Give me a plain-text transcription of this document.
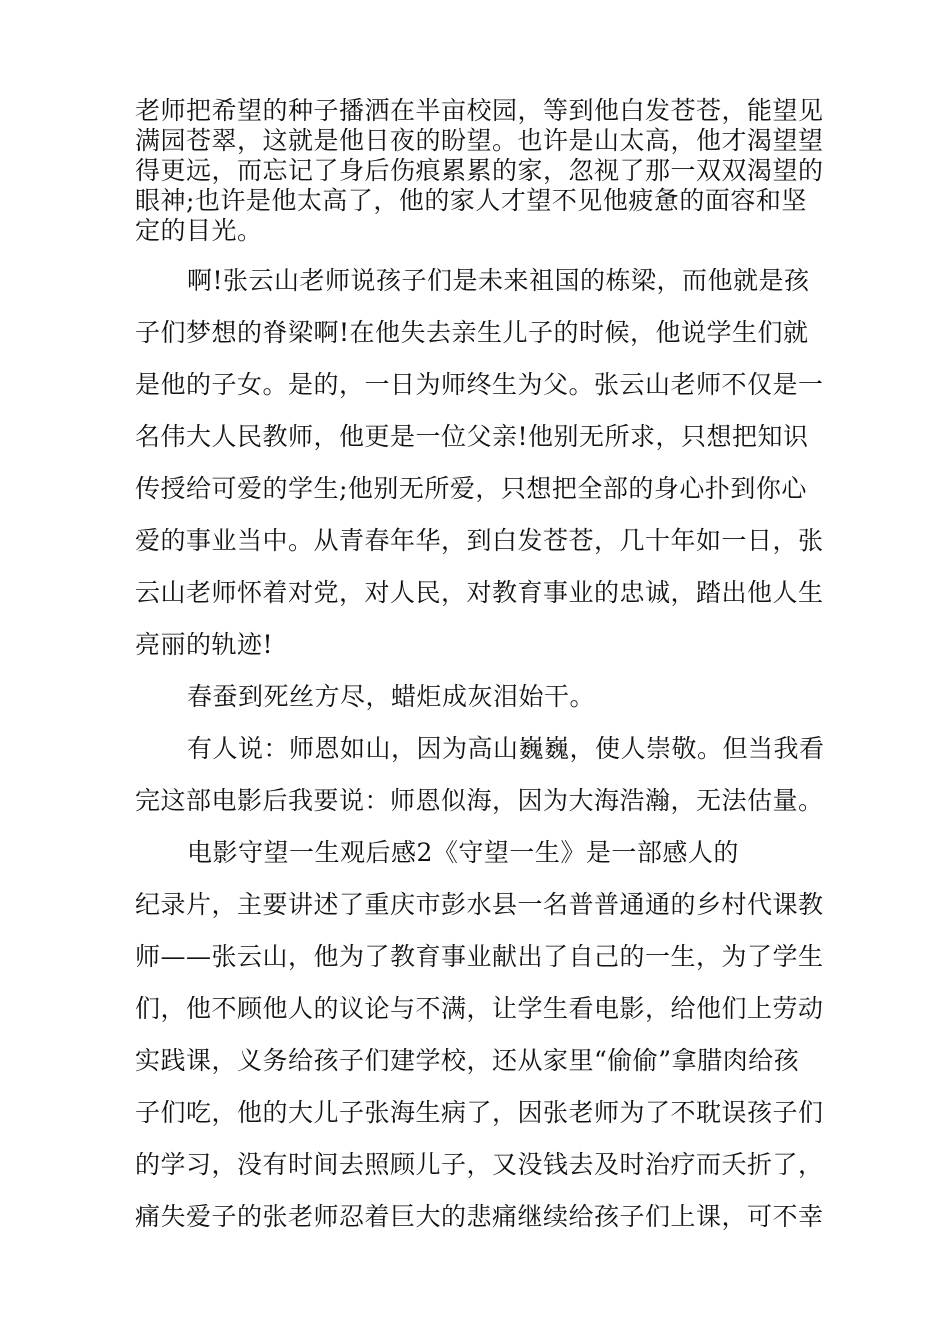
老师把希望的种子播洒在半亩校园，等到他白发苍苍，能望见
满园苍翠，这就是他日夜的盼望。也许是山太高，他才渴望望
得更远，而忘记了身后伤痕累累的家，忽视了那一双双渴望的
眼神;也许是他太高了，他的家人才望不见他疲惫的面容和坚
定的目光。
啊!张云山老师说孩子们是未来祖国的栋梁，而他就是孩
子们梦想的脊梁啊!在他失去亲生儿子的时候，他说学生们就
是他的子女。是的，一日为师终生为父。张云山老师不仅是一
名伟大人民教师，他更是一位父亲!他别无所求，只想把知识
传授给可爱的学生;他别无所爱，只想把全部的身心扑到你心
爱的事业当中。从青春年华，到白发苍苍，几十年如一日，张
云山老师怀着对党，对人民，对教育事业的忠诚，踏出他人生
亮丽的轨迹!
春蚕到死丝方尽，蜡炬成灰泪始干。
有人说：师恩如山，因为高山巍巍，使人崇敬。但当我看
完这部电影后我要说：师恩似海，因为大海浩瀚，无法估量。
电影守望一生观后感2《守望一生》是一部感人的
纪录片，主要讲述了重庆市彭水县一名普普通通的乡村代课教
师——张云山，他为了教育事业献出了自己的一生，为了学生
们，他不顾他人的议论与不满，让学生看电影，给他们上劳动
实践课，义务给孩子们建学校，还从家里“偷偷”拿腊肉给孩
子们吃，他的大儿子张海生病了，因张老师为了不耽误孩子们
的学习，没有时间去照顾儿子，又没钱去及时治疗而夭折了，
痛失爱子的张老师忍着巨大的悲痛继续给孩子们上课，可不幸
